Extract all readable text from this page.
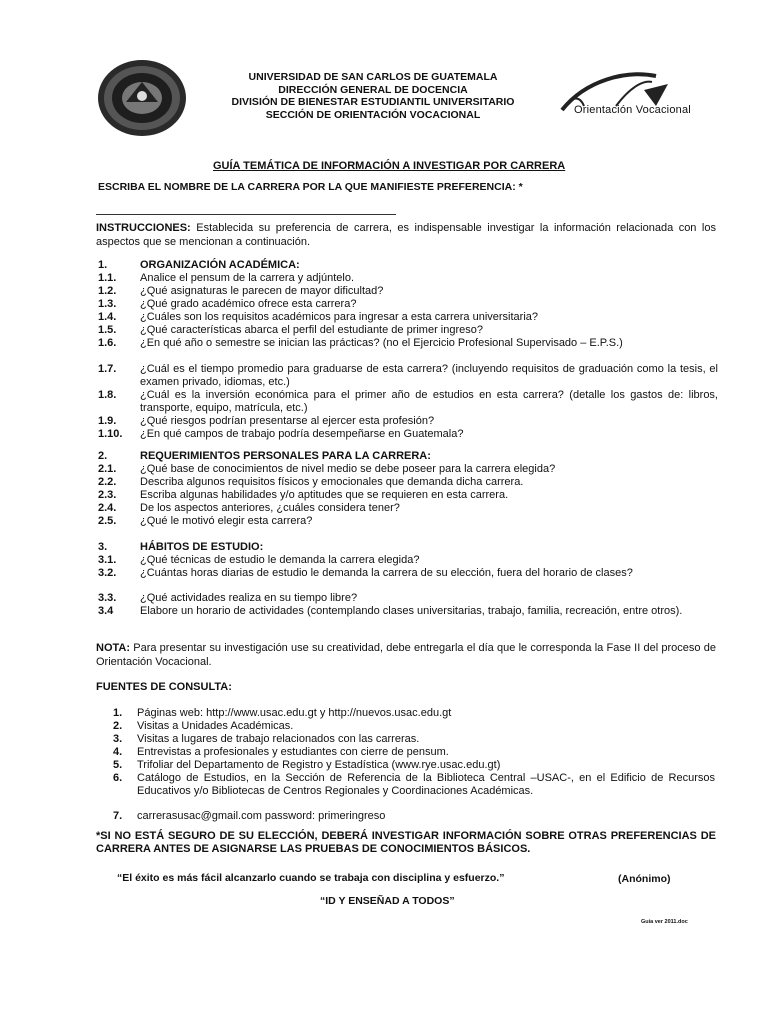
UNIVERSIDAD DE SAN CARLOS DE GUATEMALA
DIRECCIÓN GENERAL DE DOCENCIA
DIVISIÓN DE BIENESTAR ESTUDIANTIL UNIVERSITARIO
SECCIÓN DE ORIENTACIÓN VOCACIONAL	Orientación Vocacional
GUÍA TEMÁTICA DE INFORMACIÓN A INVESTIGAR POR CARRERA
ESCRIBA EL NOMBRE DE LA CARRERA POR LA QUE MANIFIESTE PREFERENCIA: *
INSTRUCCIONES: Establecida su preferencia de carrera, es indispensable investigar la información relacionada con los aspectos que se mencionan a continuación.
1.	ORGANIZACIÓN ACADÉMICA:
1.1.	Analice el pensum de la carrera y adjúntelo.
1.2.	¿Qué asignaturas le parecen de mayor dificultad?
1.3.	¿Qué grado académico ofrece esta carrera?
1.4.	¿Cuáles son los requisitos académicos para ingresar a esta carrera universitaria?
1.5.	¿Qué características abarca el perfil del estudiante de primer ingreso?
1.6.	¿En qué año o semestre se inician las prácticas? (no el Ejercicio Profesional Supervisado – E.P.S.)
1.7.	¿Cuál es el tiempo promedio para graduarse de esta carrera? (incluyendo requisitos de graduación como la tesis, el examen privado, idiomas, etc.)
1.8.	¿Cuál es la inversión económica para el primer año de estudios en esta carrera? (detalle los gastos de: libros, transporte, equipo, matrícula, etc.)
1.9.	¿Qué riesgos podrían presentarse al ejercer esta profesión?
1.10.	¿En qué campos de trabajo podría desempeñarse en Guatemala?
2.	REQUERIMIENTOS PERSONALES PARA LA CARRERA:
2.1.	¿Qué base de conocimientos de nivel medio se debe poseer para la carrera elegida?
2.2.	Describa algunos requisitos físicos y emocionales que demanda dicha carrera.
2.3.	Escriba algunas habilidades y/o aptitudes que se requieren en esta carrera.
2.4.	De los aspectos anteriores, ¿cuáles considera tener?
2.5.	¿Qué le motivó elegir esta carrera?
3.	HÁBITOS DE ESTUDIO:
3.1.	¿Qué técnicas de estudio le demanda la carrera elegida?
3.2.	¿Cuántas horas diarias de estudio le demanda la carrera de su elección, fuera del horario de clases?
3.3.	¿Qué actividades realiza en su tiempo libre?
3.4	Elabore un horario de actividades (contemplando clases universitarias, trabajo, familia, recreación, entre otros).
NOTA: Para presentar su investigación use su creatividad, debe entregarla el día que le corresponda la Fase II del proceso de Orientación Vocacional.
FUENTES DE CONSULTA:
1.	Páginas web: http://www.usac.edu.gt y http://nuevos.usac.edu.gt
2.	Visitas a Unidades Académicas.
3.	Visitas a lugares de trabajo relacionados con las carreras.
4.	Entrevistas a profesionales y estudiantes con cierre de pensum.
5.	Trifoliar del Departamento de Registro y Estadística (www.rye.usac.edu.gt)
6.	Catálogo de Estudios, en la Sección de Referencia de la Biblioteca Central –USAC-, en el Edificio de Recursos Educativos y/o Bibliotecas de Centros Regionales y Coordinaciones Académicas.
7.	carrerasusac@gmail.com password: primeringreso
*SI NO ESTÁ SEGURO DE SU ELECCIÓN, DEBERÁ INVESTIGAR INFORMACIÓN SOBRE OTRAS PREFERENCIAS DE CARRERA ANTES DE ASIGNARSE LAS PRUEBAS DE CONOCIMIENTOS BÁSICOS.
“El éxito es más fácil alcanzarlo cuando se trabaja con disciplina y esfuerzo.”	(Anónimo)
“ID Y ENSEÑAD A TODOS”
Guía ver 2011.doc
